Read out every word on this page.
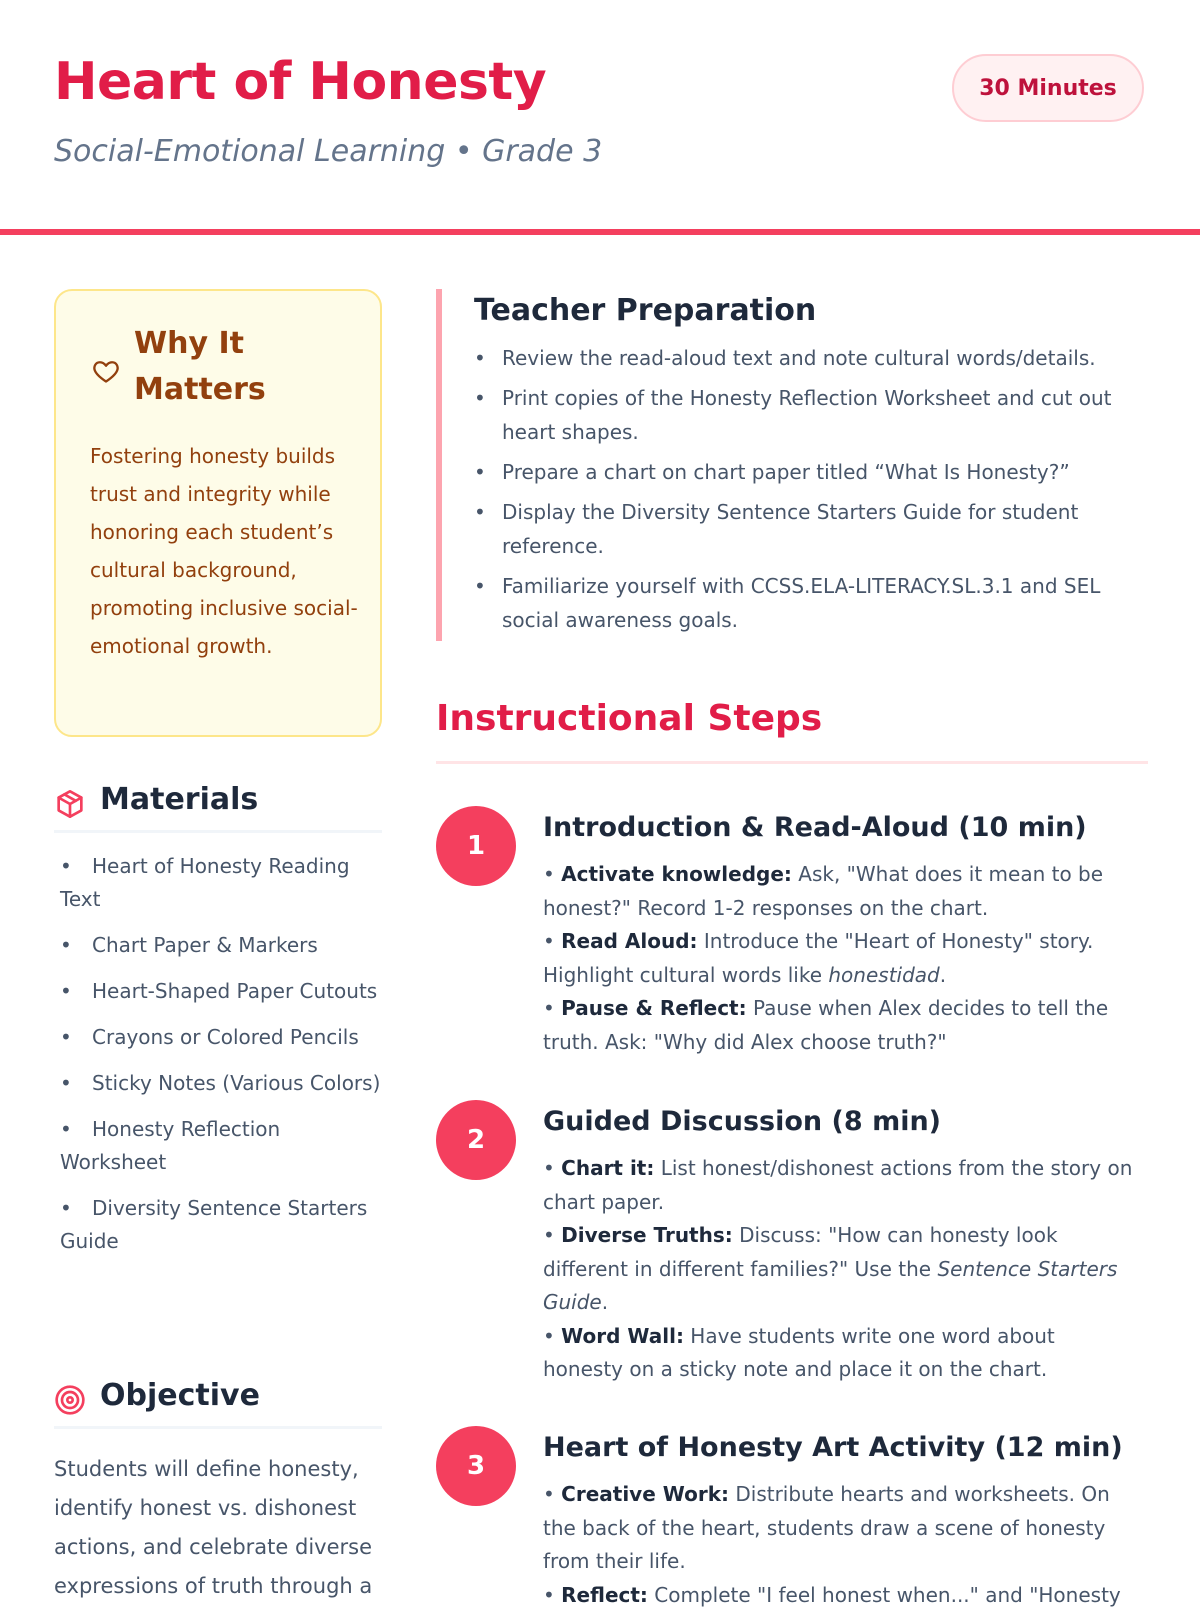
Heart of Honesty
Social-Emotional Learning • Grade 3
30 Minutes
Why It Matters
Fostering honesty builds trust and integrity while honoring each student’s cultural background, promoting inclusive social-emotional growth.
Materials
• Heart of Honesty Reading Text
• Chart Paper & Markers
• Heart-Shaped Paper Cutouts
• Crayons or Colored Pencils
• Sticky Notes (Various Colors)
• Honesty Reflection Worksheet
• Diversity Sentence Starters Guide
Objective
Students will define honesty, identify honest vs. dishonest actions, and celebrate diverse expressions of truth through a
Teacher Preparation
• Review the read-aloud text and note cultural words/details.
• Print copies of the Honesty Reflection Worksheet and cut out heart shapes.
• Prepare a chart on chart paper titled “What Is Honesty?”
• Display the Diversity Sentence Starters Guide for student reference.
• Familiarize yourself with CCSS.ELA-LITERACY.SL.3.1 and SEL social awareness goals.
Instructional Steps
1
Introduction & Read-Aloud (10 min)
• Activate knowledge: Ask, "What does it mean to be honest?" Record 1-2 responses on the chart.
• Read Aloud: Introduce the "Heart of Honesty" story. Highlight cultural words like honestidad.
• Pause & Reflect: Pause when Alex decides to tell the truth. Ask: "Why did Alex choose truth?"
2
Guided Discussion (8 min)
• Chart it: List honest/dishonest actions from the story on chart paper.
• Diverse Truths: Discuss: "How can honesty look different in different families?" Use the Sentence Starters Guide.
• Word Wall: Have students write one word about honesty on a sticky note and place it on the chart.
3
Heart of Honesty Art Activity (12 min)
• Creative Work: Distribute hearts and worksheets. On the back of the heart, students draw a scene of honesty from their life.
• Reflect: Complete "I feel honest when..." and "Honesty
